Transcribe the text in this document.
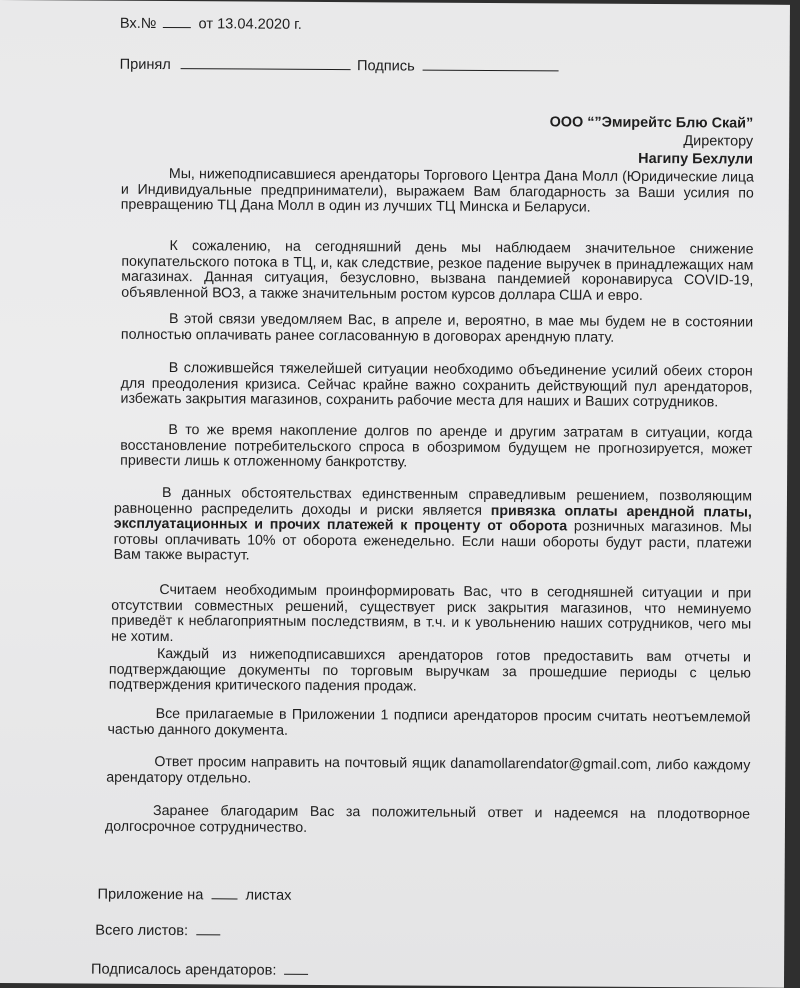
Вх.№	от 13.04.2020 г.
Принял	Подпись
ООО “”Эмирейтс Блю Скай”
Директору
Нагипу Бехлули
Мы, нижеподписавшиеся арендаторы Торгового Центра Дана Молл (Юридические лица и Индивидуальные предприниматели), выражаем Вам благодарность за Ваши усилия по превращению ТЦ Дана Молл в один из лучших ТЦ Минска и Беларуси.
К сожалению, на сегодняшний день мы наблюдаем значительное снижение покупательского потока в ТЦ, и, как следствие, резкое падение выручек в принадлежащих нам магазинах. Данная ситуация, безусловно, вызвана пандемией коронавируса COVID-19, объявленной ВОЗ, а также значительным ростом курсов доллара США и евро.
В этой связи уведомляем Вас, в апреле и, вероятно, в мае мы будем не в состоянии полностью оплачивать ранее согласованную в договорах арендную плату.
В сложившейся тяжелейшей ситуации необходимо объединение усилий обеих сторон для преодоления кризиса. Сейчас крайне важно сохранить действующий пул арендаторов, избежать закрытия магазинов, сохранить рабочие места для наших и Ваших сотрудников.
В то же время накопление долгов по аренде и другим затратам в ситуации, когда восстановление потребительского спроса в обозримом будущем не прогнозируется, может привести лишь к отложенному банкротству.
В данных обстоятельствах единственным справедливым решением, позволяющим равноценно распределить доходы и риски является привязка оплаты арендной платы, эксплуатационных и прочих платежей к проценту от оборота розничных магазинов. Мы готовы оплачивать 10% от оборота еженедельно. Если наши обороты будут расти, платежи Вам также вырастут.
Считаем необходимым проинформировать Вас, что в сегодняшней ситуации и при отсутствии совместных решений, существует риск закрытия магазинов, что неминуемо приведёт к неблагоприятным последствиям, в т.ч. и к увольнению наших сотрудников, чего мы не хотим.
Каждый из нижеподписавшихся арендаторов готов предоставить вам отчеты и подтверждающие документы по торговым выручкам за прошедшие периоды с целью подтверждения критического падения продаж.
Все прилагаемые в Приложении 1 подписи арендаторов просим считать неотъемлемой частью данного документа.
Ответ просим направить на почтовый ящик danamollarendator@gmail.com, либо каждому арендатору отдельно.
Заранее благодарим Вас за положительный ответ и надеемся на плодотворное долгосрочное сотрудничество.
Приложение на	листах
Всего листов:
Подписалось арендаторов:
